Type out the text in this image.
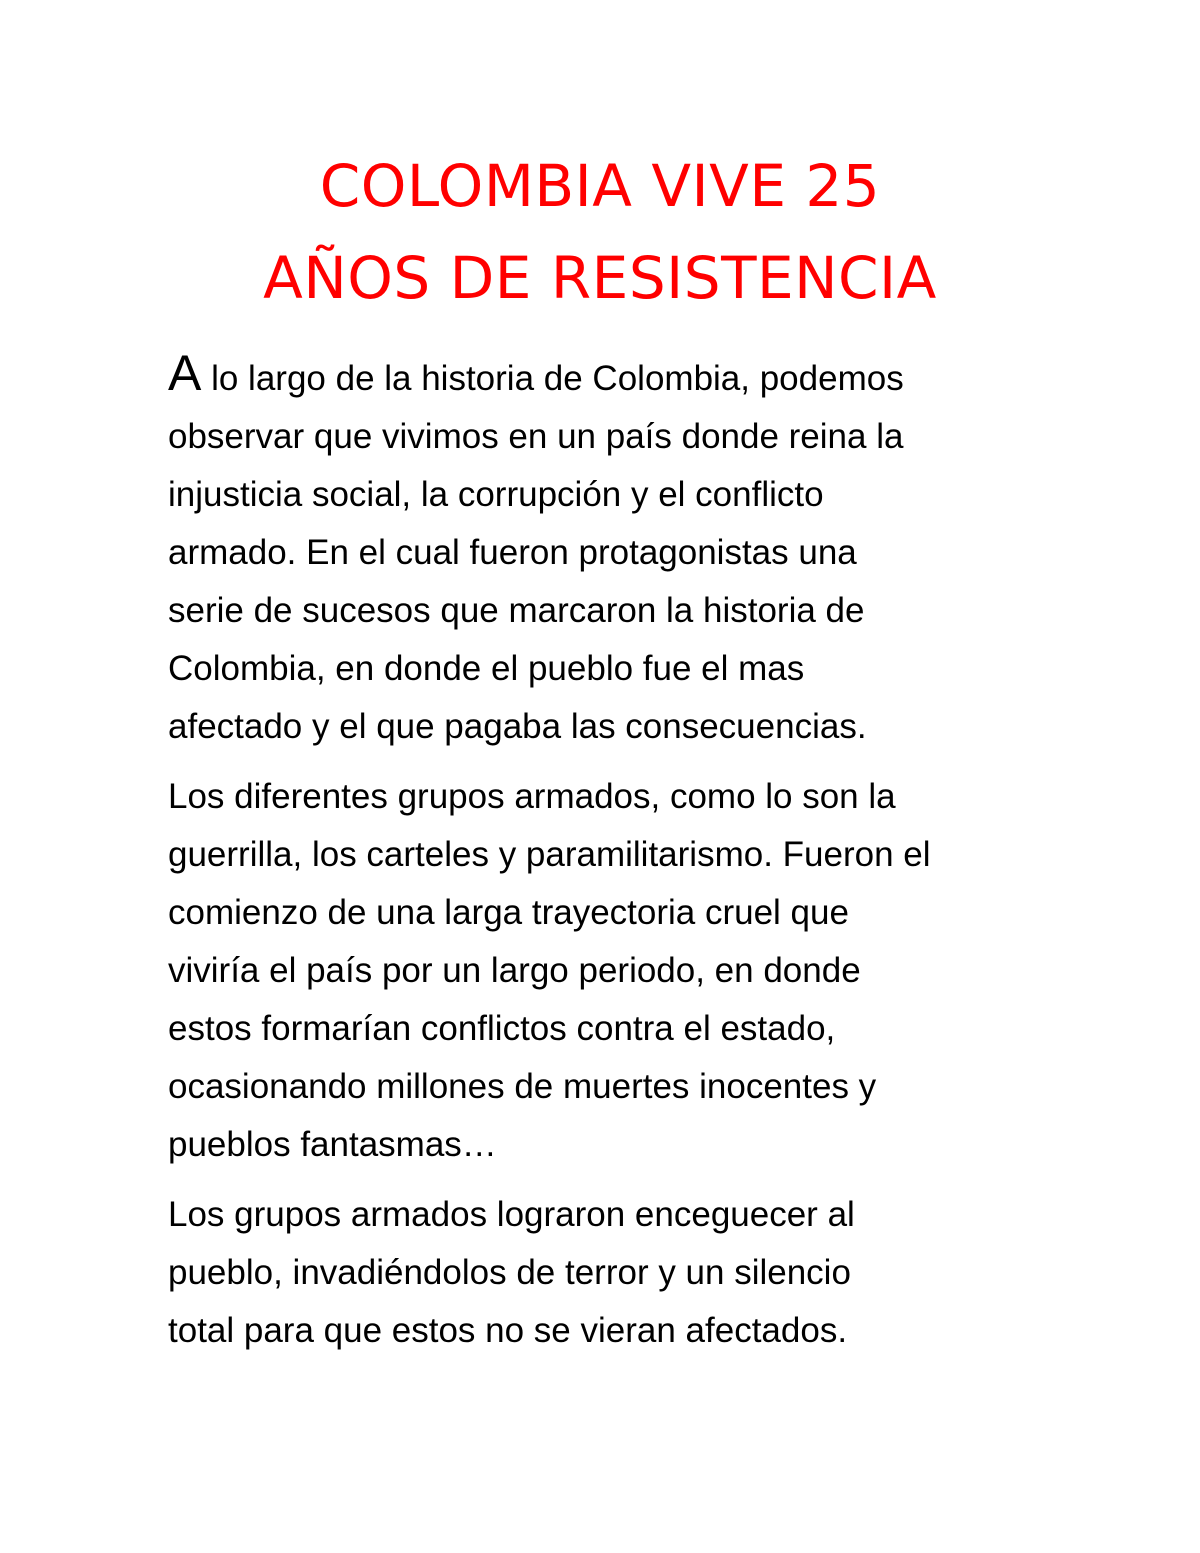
COLOMBIA VIVE 25
AÑOS DE RESISTENCIA

A lo largo de la historia de Colombia, podemos
observar que vivimos en un país donde reina la
injusticia social, la corrupción y el conflicto
armado. En el cual fueron protagonistas una
serie de sucesos que marcaron la historia de
Colombia, en donde el pueblo fue el mas
afectado y el que pagaba las consecuencias.

Los diferentes grupos armados, como lo son la
guerrilla, los carteles y paramilitarismo. Fueron el
comienzo de una larga trayectoria cruel que
viviría el país por un largo periodo, en donde
estos formarían conflictos contra el estado,
ocasionando millones de muertes inocentes y
pueblos fantasmas…

Los grupos armados lograron enceguecer al
pueblo, invadiéndolos de terror y un silencio
total para que estos no se vieran afectados.
